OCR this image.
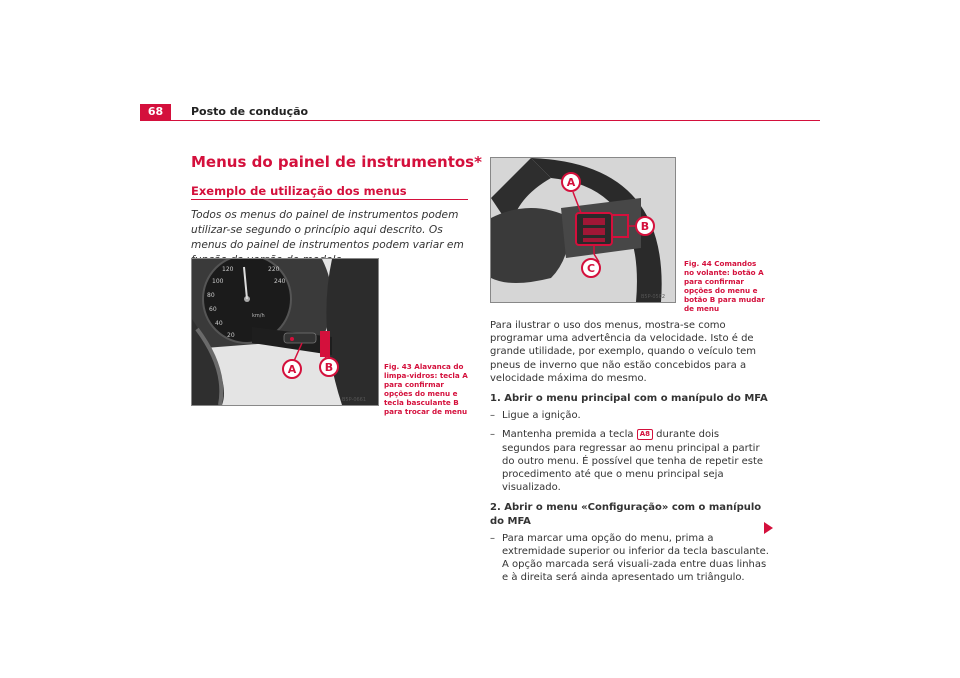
68	Posto de condução
Menus do painel de instrumentos*
Exemplo de utilização dos menus
Todos os menus do painel de instrumentos podem utilizar-se segundo o princípio aqui descrito. Os menus do painel de instrumentos podem variar em
120
100
80
60
40
20
240
220
km/h
A	B
B5P-0661
Fig. 43 Alavanca do limpa-vidros: tecla A para confirmar opções do menu e tecla basculante B para trocar de menu
A
B
C
B5P-0502
Fig. 44 Comandos no volante: botão A para confirmar opções do menu e botão B para mudar de menu

Para ilustrar o uso dos menus, mostra-se como programar uma advertência da velocidade. Isto é de grande utilidade, por exemplo, quando o veículo tem pneus de inverno que não estão concebidos para a velocidade máxima do mesmo.

1. Abrir o menu principal com o manípulo do MFA

– Ligue a ignição.
– Mantenha premida a tecla A8 durante dois segundos para regressar ao menu principal a partir do outro menu. É possível que tenha de repetir este procedimento até que o menu principal seja visualizado.

2. Abrir o menu «Configuração» com o manípulo do MFA

– Para marcar uma opção do menu, prima a extremidade superior ou inferior da tecla basculante. A opção marcada será visuali-zada entre duas linhas e à direita será ainda apresentado um triângulo.
